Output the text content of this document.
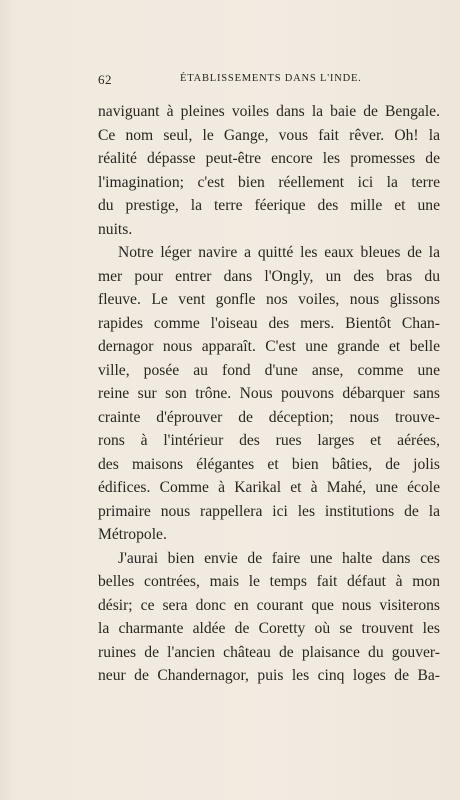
62	ÉTABLISSEMENTS DANS L'INDE.
naviguant à pleines voiles dans la baie de Bengale.
Ce nom seul, le Gange, vous fait rêver. Oh! la
réalité dépasse peut-être encore les promesses de
l'imagination; c'est bien réellement ici la terre
du prestige, la terre féerique des mille et une
nuits.
Notre léger navire a quitté les eaux bleues de la
mer pour entrer dans l'Ongly, un des bras du
fleuve. Le vent gonfle nos voiles, nous glissons
rapides comme l'oiseau des mers. Bientôt Chan-
dernagor nous apparaît. C'est une grande et belle
ville, posée au fond d'une anse, comme une
reine sur son trône. Nous pouvons débarquer sans
crainte d'éprouver de déception; nous trouve-
rons à l'intérieur des rues larges et aérées,
des maisons élégantes et bien bâties, de jolis
édifices. Comme à Karikal et à Mahé, une école
primaire nous rappellera ici les institutions de la
Métropole.
J'aurai bien envie de faire une halte dans ces
belles contrées, mais le temps fait défaut à mon
désir; ce sera donc en courant que nous visiterons
la charmante aldée de Coretty où se trouvent les
ruines de l'ancien château de plaisance du gouver-
neur de Chandernagor, puis les cinq loges de Ba-
